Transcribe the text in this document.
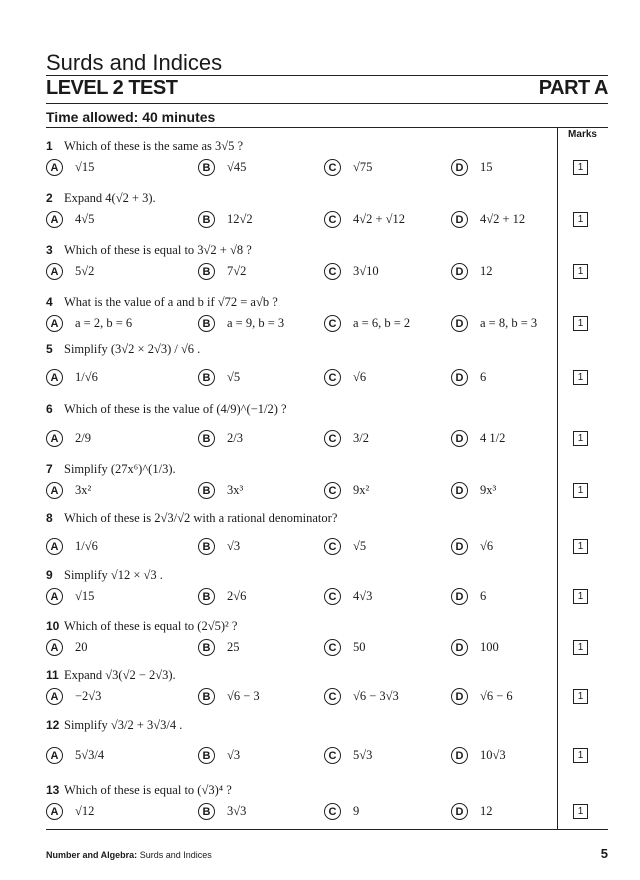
Surds and Indices
LEVEL 2 TEST	PART A
Time allowed: 40 minutes
Marks
1 Which of these is the same as 3√5 ?
A	√15	B	√45	C	√75	D	15	1
2 Expand 4(√2 + 3).
A	4√5	B	12√2	C	4√2 + √12	D	4√2 + 12	1
3 Which of these is equal to 3√2 + √8 ?
A	5√2	B	7√2	C	3√10	D	12	1
4 What is the value of a and b if √72 = a√b ?
A	a = 2, b = 6	B	a = 9, b = 3	C	a = 6, b = 2	D	a = 8, b = 3	1
5 Simplify (3√2 × 2√3) / √6 .
A	1/√6	B	√5	C	√6	D	6	1
6 Which of these is the value of (4/9)^(−1/2) ?
A	2/9	B	2/3	C	3/2	D	4 1/2	1
7 Simplify (27x⁶)^(1/3).
A	3x²	B	3x³	C	9x²	D	9x³	1
8 Which of these is 2√3/√2 with a rational denominator?
A	1/√6	B	√3	C	√5	D	√6	1
9 Simplify √12 × √3 .
A	√15	B	2√6	C	4√3	D	6	1
10 Which of these is equal to (2√5)² ?
A	20	B	25	C	50	D	100	1
11 Expand √3(√2 − 2√3).
A	−2√3	B	√6 − 3	C	√6 − 3√3	D	√6 − 6	1
12 Simplify √3/2 + 3√3/4 .
A	5√3/4	B	√3	C	5√3	D	10√3	1
13 Which of these is equal to (√3)⁴ ?
A	√12	B	3√3	C	9	D	12	1
Number and Algebra: Surds and Indices	5
